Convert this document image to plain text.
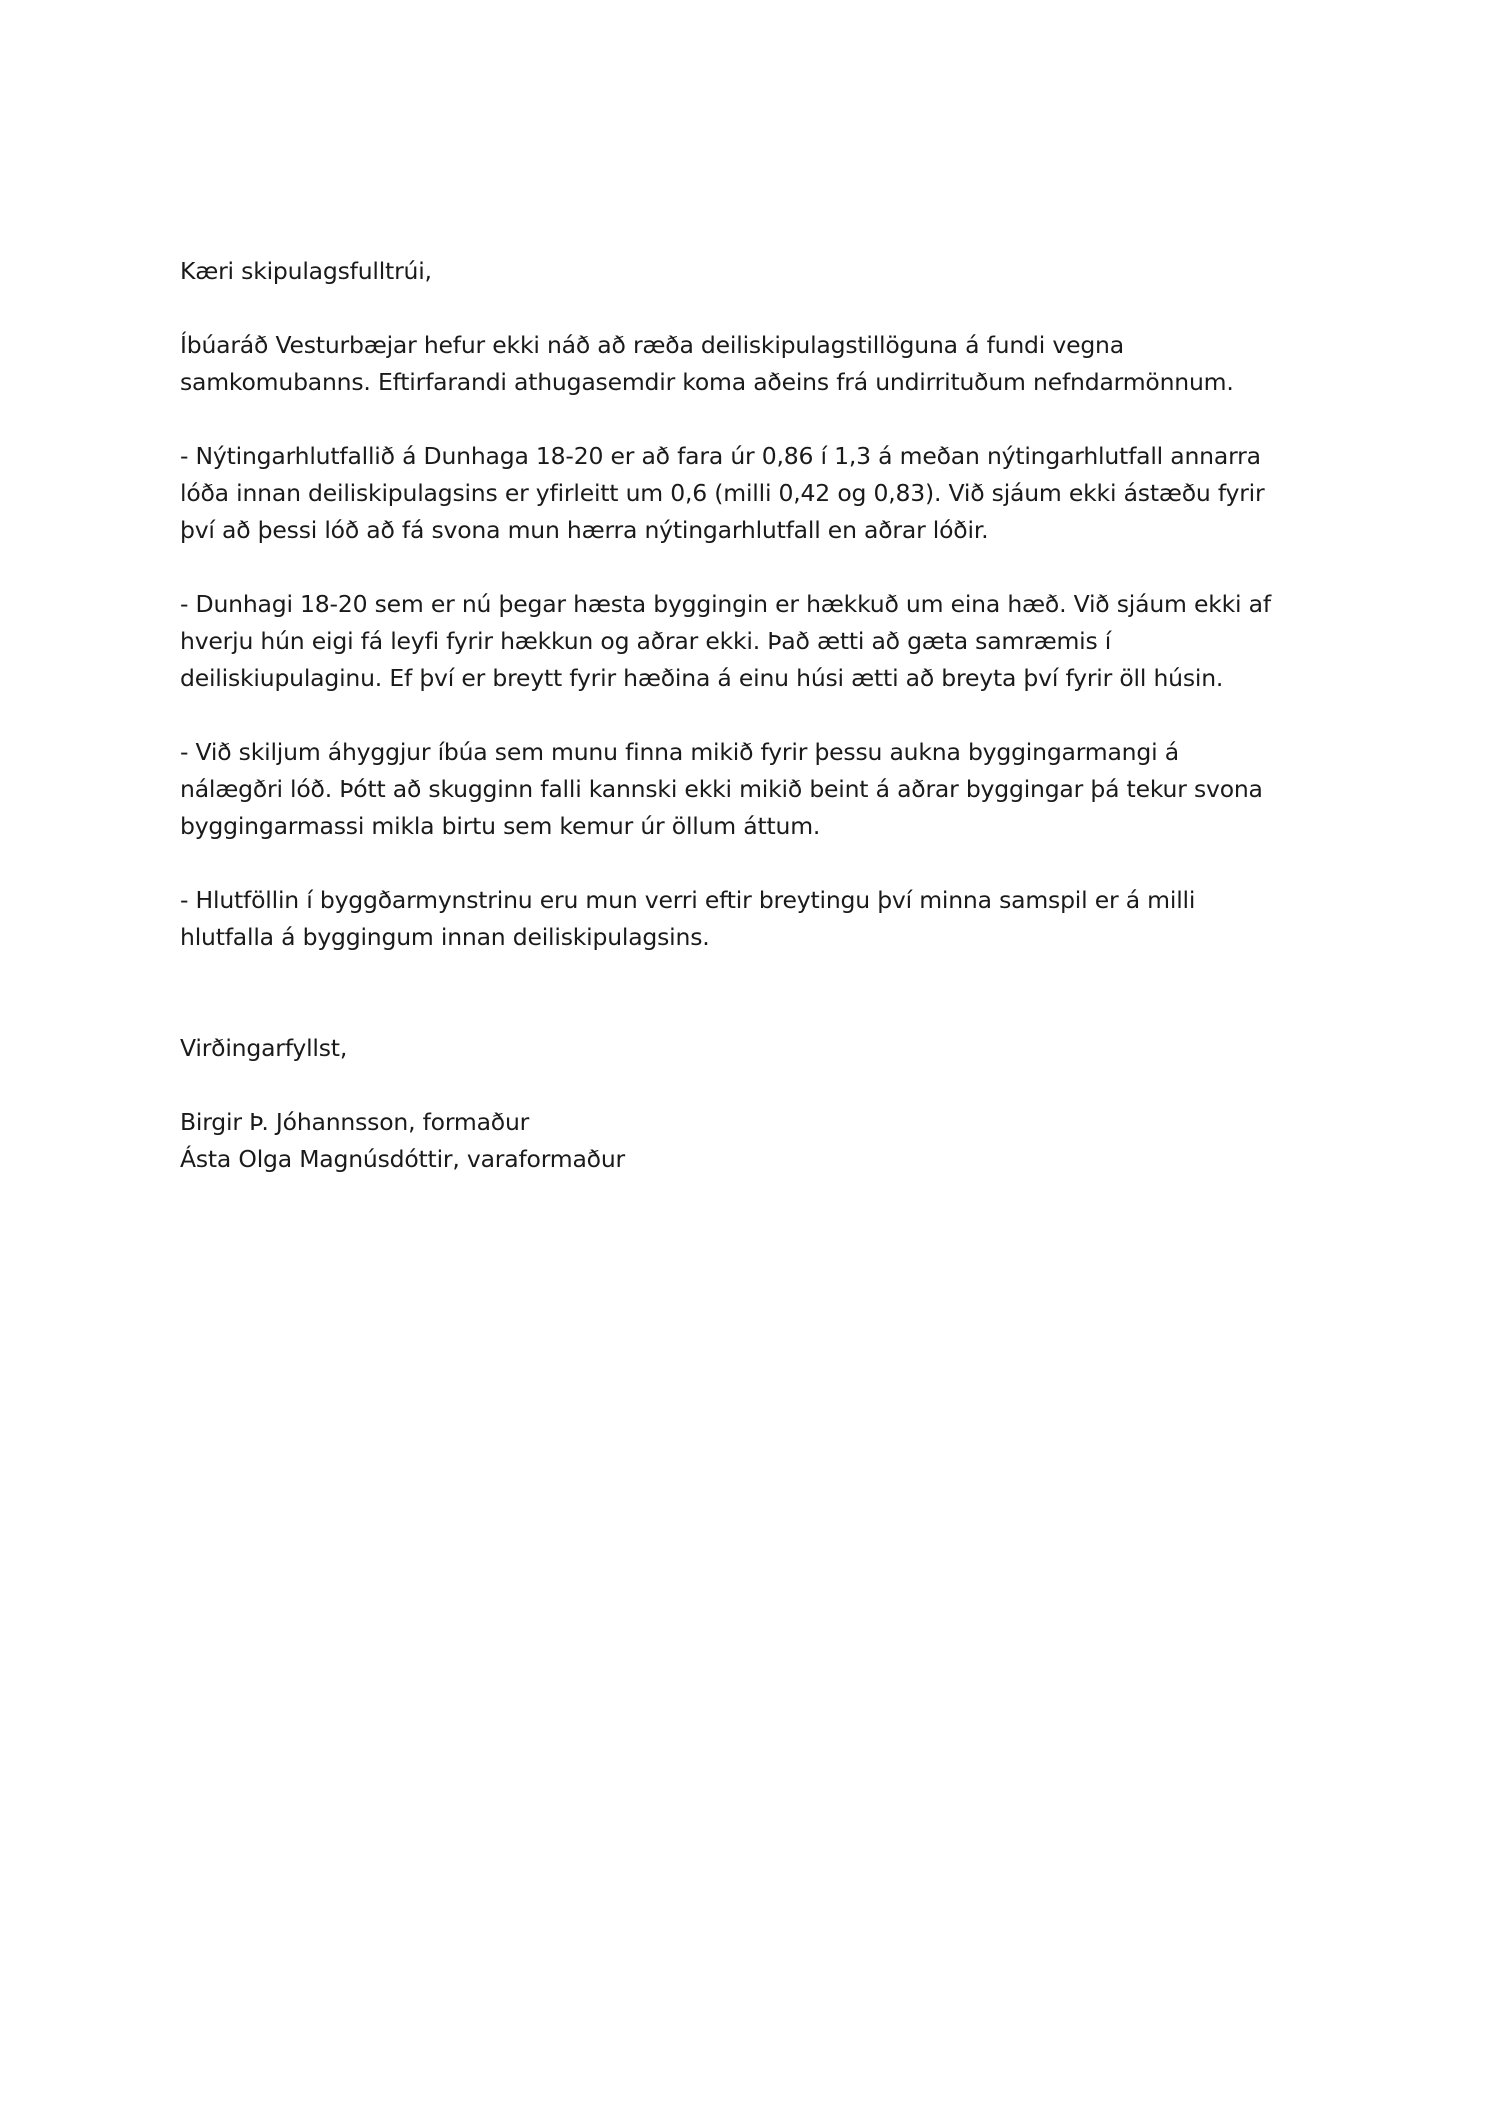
Kæri skipulagsfulltrúi,

Íbúaráð Vesturbæjar hefur ekki náð að ræða deiliskipulagstillöguna á fundi vegna
samkomubanns. Eftirfarandi athugasemdir koma aðeins frá undirrituðum nefndarmönnum.

- Nýtingarhlutfallið á Dunhaga 18-20 er að fara úr 0,86 í 1,3 á meðan nýtingarhlutfall annarra
lóða innan deiliskipulagsins er yfirleitt um 0,6 (milli 0,42 og 0,83). Við sjáum ekki ástæðu fyrir
því að þessi lóð að fá svona mun hærra nýtingarhlutfall en aðrar lóðir.

- Dunhagi 18-20 sem er nú þegar hæsta byggingin er hækkuð um eina hæð. Við sjáum ekki af
hverju hún eigi fá leyfi fyrir hækkun og aðrar ekki. Það ætti að gæta samræmis í
deiliskiupulaginu. Ef því er breytt fyrir hæðina á einu húsi ætti að breyta því fyrir öll húsin.

- Við skiljum áhyggjur íbúa sem munu finna mikið fyrir þessu aukna byggingarmangi á
nálægðri lóð. Þótt að skugginn falli kannski ekki mikið beint á aðrar byggingar þá tekur svona
byggingarmassi mikla birtu sem kemur úr öllum áttum.

- Hlutföllin í byggðarmynstrinu eru mun verri eftir breytingu því minna samspil er á milli
hlutfalla á byggingum innan deiliskipulagsins.

Virðingarfyllst,

Birgir Þ. Jóhannsson, formaður
Ásta Olga Magnúsdóttir, varaformaður
